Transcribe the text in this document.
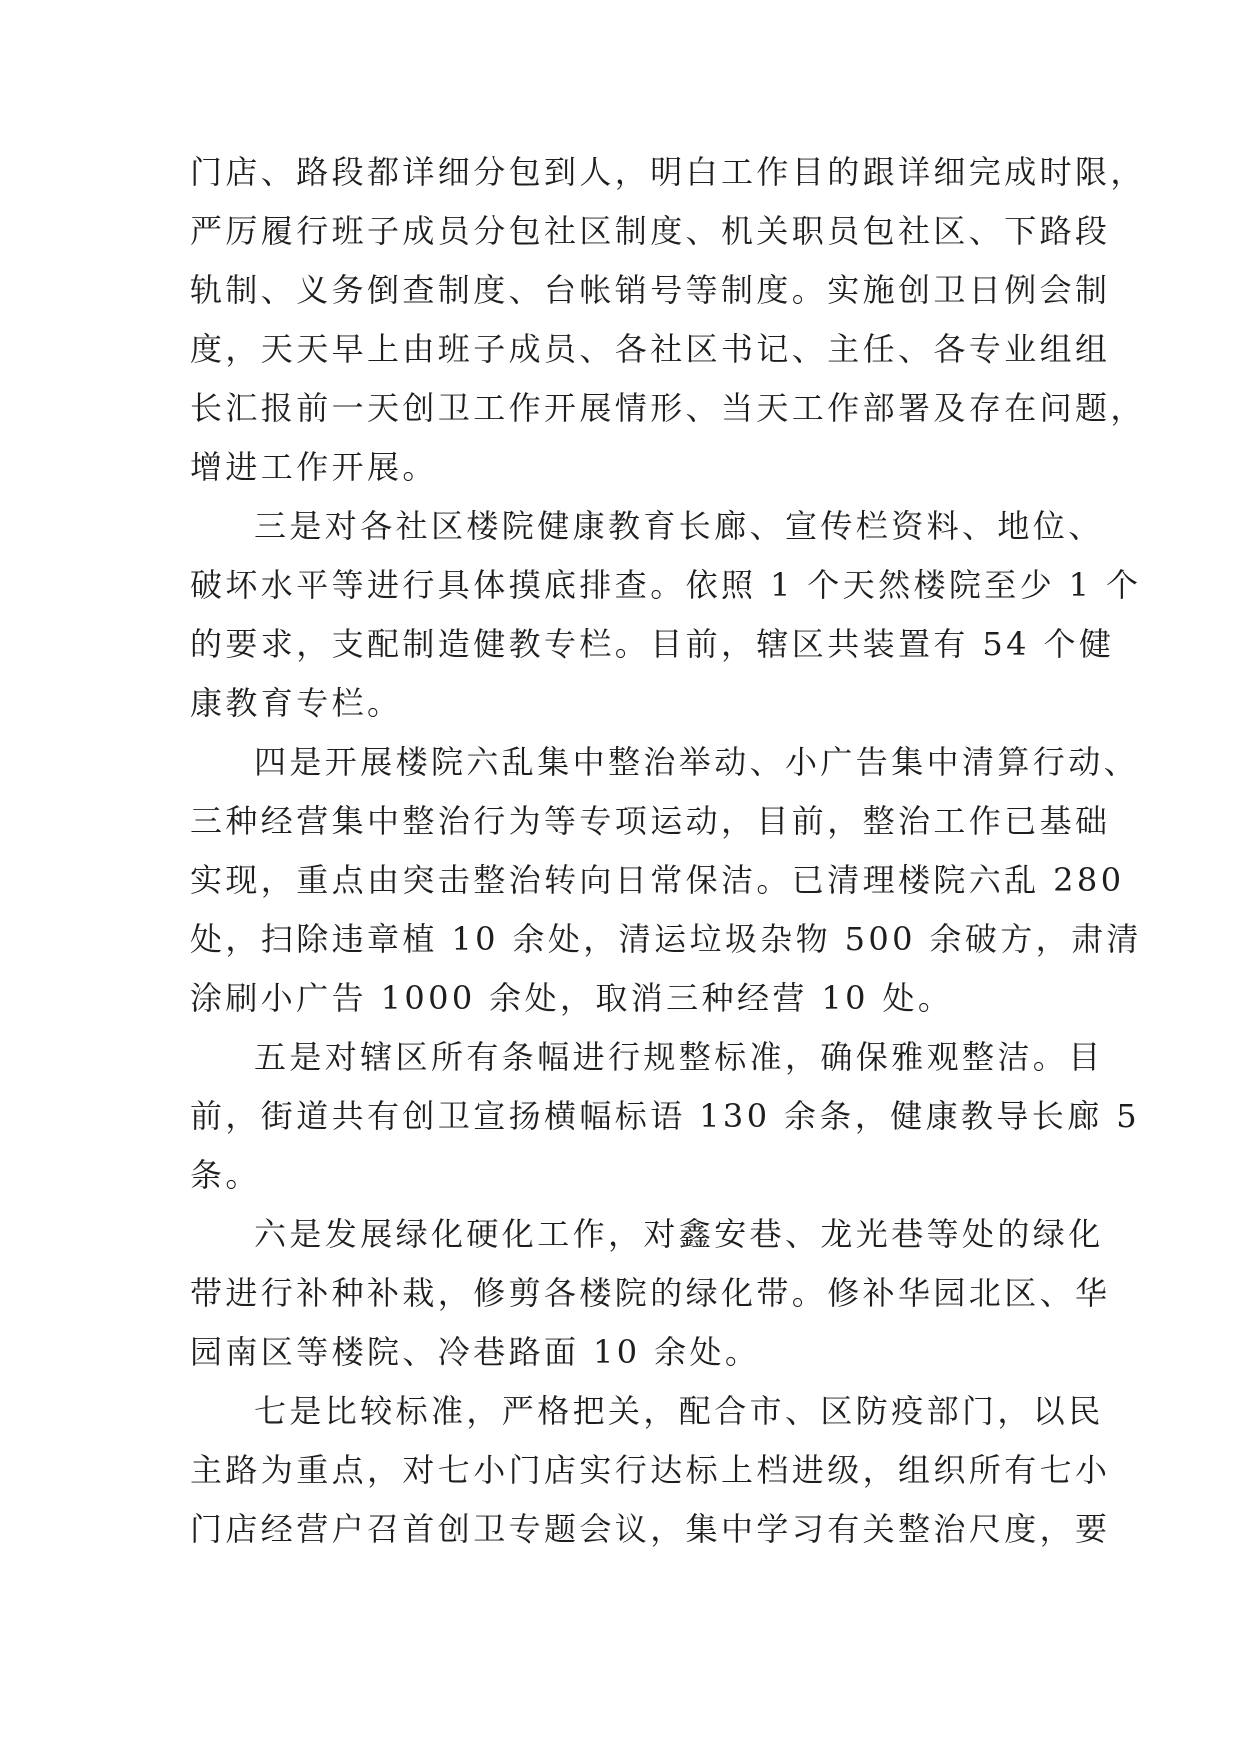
门店、路段都详细分包到人，明白工作目的跟详细完成时限，
严厉履行班子成员分包社区制度、机关职员包社区、下路段
轨制、义务倒查制度、台帐销号等制度。实施创卫日例会制
度，天天早上由班子成员、各社区书记、主任、各专业组组
长汇报前一天创卫工作开展情形、当天工作部署及存在问题，
增进工作开展。
三是对各社区楼院健康教育长廊、宣传栏资料、地位、
破坏水平等进行具体摸底排查。依照 1 个天然楼院至少 1 个
的要求，支配制造健教专栏。目前，辖区共装置有 54 个健
康教育专栏。
四是开展楼院六乱集中整治举动、小广告集中清算行动、
三种经营集中整治行为等专项运动，目前，整治工作已基础
实现，重点由突击整治转向日常保洁。已清理楼院六乱 280
处，扫除违章植 10 余处，清运垃圾杂物 500 余破方，肃清
涂刷小广告 1000 余处，取消三种经营 10 处。
五是对辖区所有条幅进行规整标准，确保雅观整洁。目
前，街道共有创卫宣扬横幅标语 130 余条，健康教导长廊 5
条。
六是发展绿化硬化工作，对鑫安巷、龙光巷等处的绿化
带进行补种补栽，修剪各楼院的绿化带。修补华园北区、华
园南区等楼院、冷巷路面 10 余处。
七是比较标准，严格把关，配合市、区防疫部门，以民
主路为重点，对七小门店实行达标上档进级，组织所有七小
门店经营户召首创卫专题会议，集中学习有关整治尺度，要
